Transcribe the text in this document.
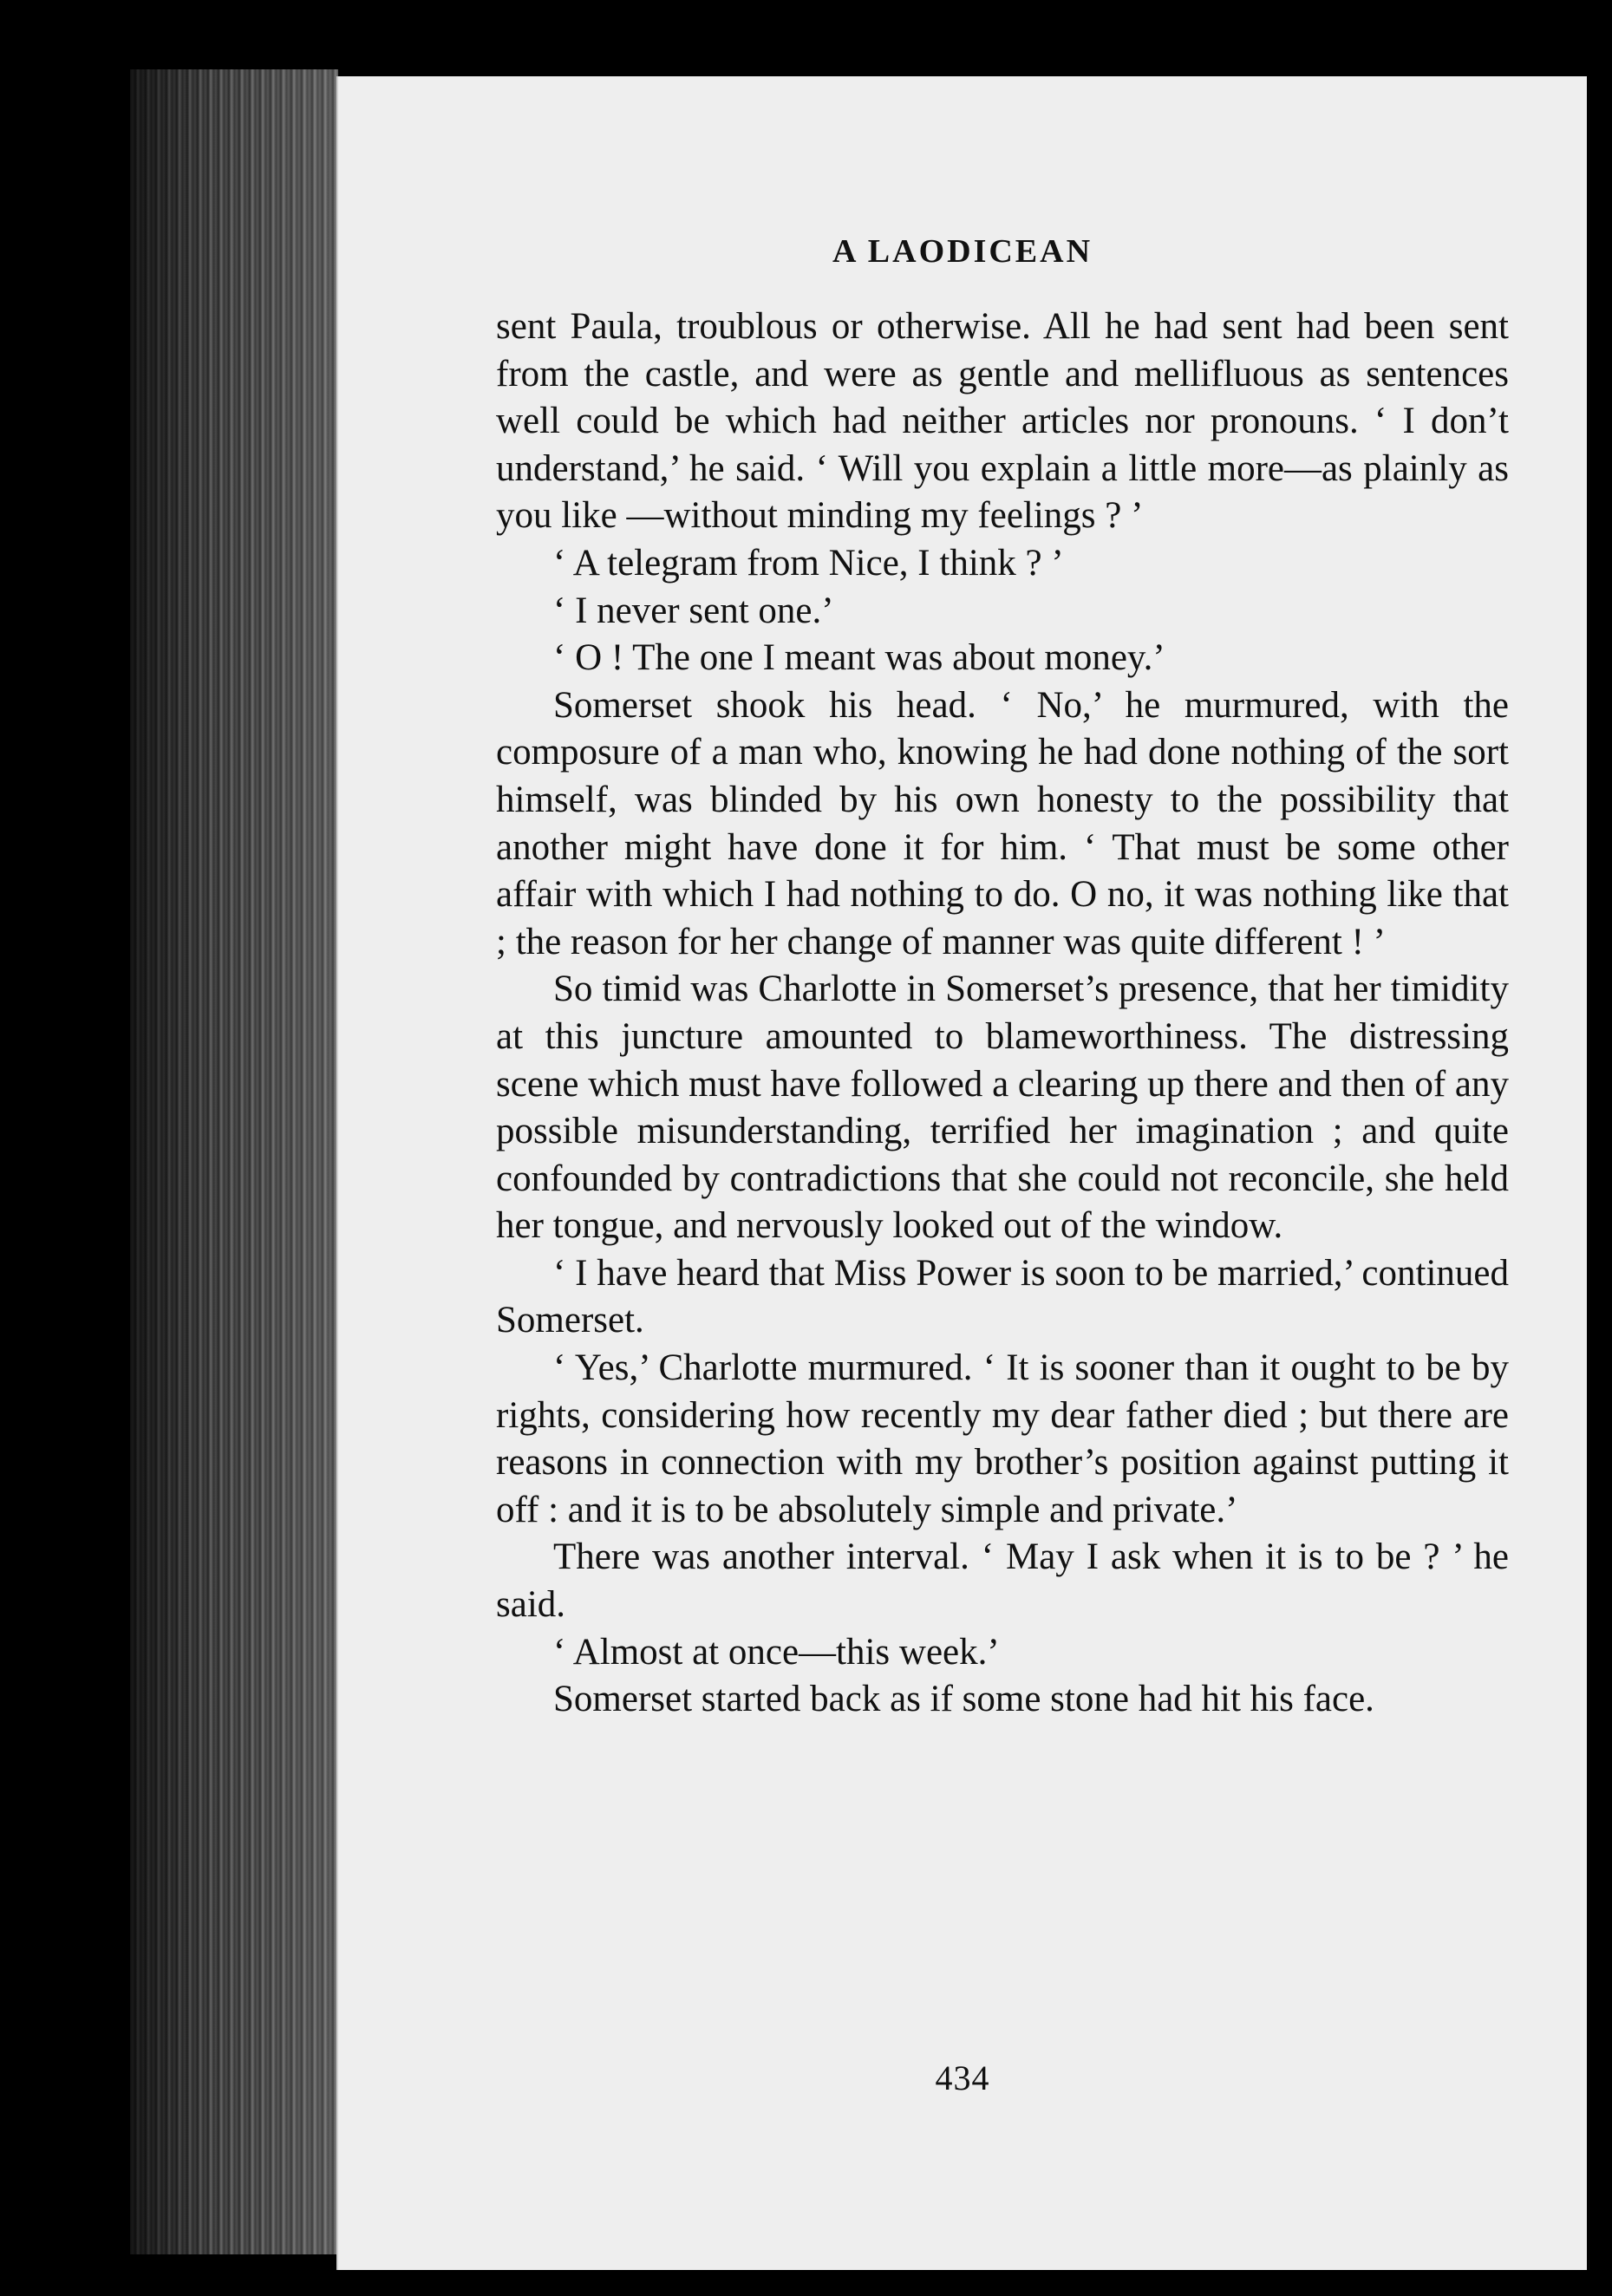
A LAODICEAN

sent Paula, troublous or otherwise. All he had sent had been sent from the castle, and were as gentle and mellifluous as sentences well could be which had neither articles nor pronouns. ‘ I don’t understand,’ he said. ‘ Will you explain a little more—as plainly as you like —without minding my feelings ? ’

‘ A telegram from Nice, I think ? ’

‘ I never sent one.’

‘ O ! The one I meant was about money.’

Somerset shook his head. ‘ No,’ he murmured, with the composure of a man who, knowing he had done nothing of the sort himself, was blinded by his own honesty to the possibility that another might have done it for him. ‘ That must be some other affair with which I had nothing to do. O no, it was nothing like that ; the reason for her change of manner was quite different ! ’

So timid was Charlotte in Somerset’s presence, that her timidity at this juncture amounted to blameworthiness. The distressing scene which must have followed a clearing up there and then of any possible misunderstanding, terrified her imagination ; and quite confounded by contradictions that she could not reconcile, she held her tongue, and nervously looked out of the window.

‘ I have heard that Miss Power is soon to be married,’ continued Somerset.

‘ Yes,’ Charlotte murmured. ‘ It is sooner than it ought to be by rights, considering how recently my dear father died ; but there are reasons in connection with my brother’s position against putting it off : and it is to be absolutely simple and private.’

There was another interval. ‘ May I ask when it is to be ? ’ he said.

‘ Almost at once—this week.’

Somerset started back as if some stone had hit his face.

434
